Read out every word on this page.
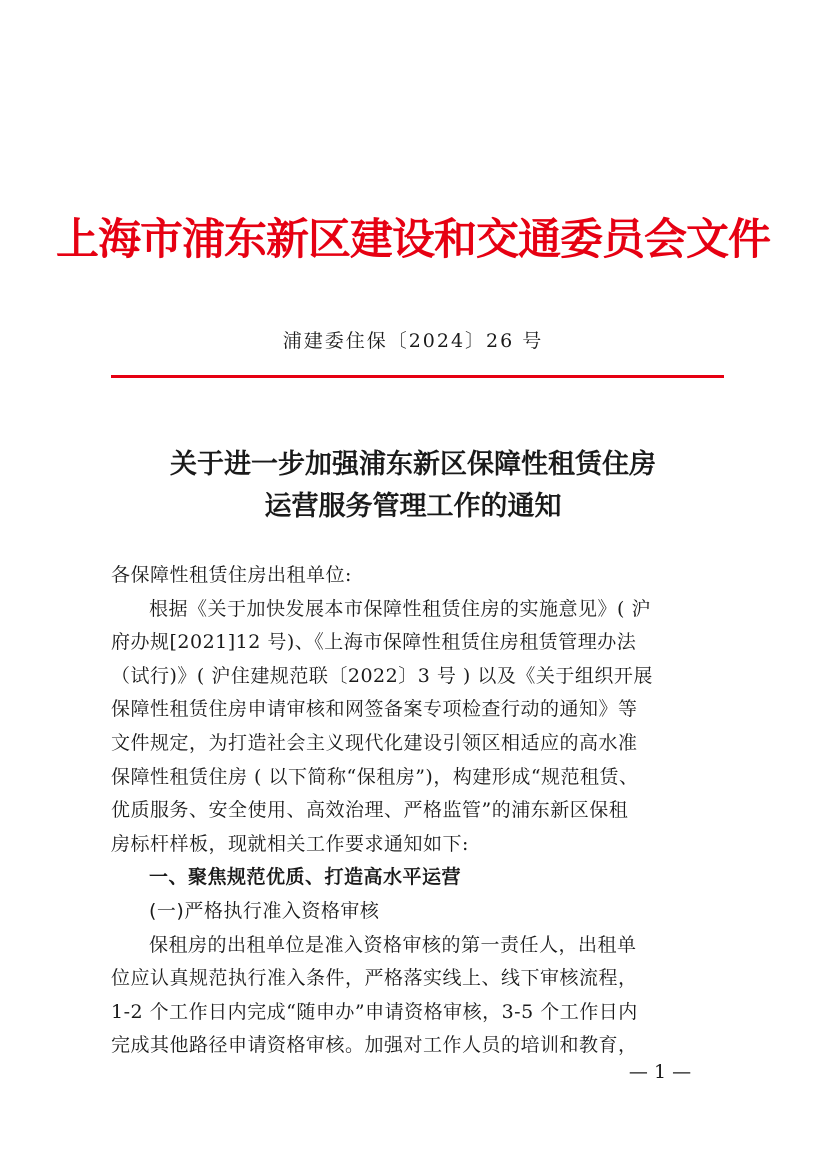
上海市浦东新区建设和交通委员会文件
浦建委住保〔2024〕26 号
关于进一步加强浦东新区保障性租赁住房
运营服务管理工作的通知

各保障性租赁住房出租单位:

根据《关于加快发展本市保障性租赁住房的实施意见》( 沪
府办规[2021]12 号)、《上海市保障性租赁住房租赁管理办法
（试行)》( 沪住建规范联〔2022〕3 号 ) 以及《关于组织开展
保障性租赁住房申请审核和网签备案专项检查行动的通知》等
文件规定，为打造社会主义现代化建设引领区相适应的高水准
保障性租赁住房 ( 以下简称“保租房”)，构建形成“规范租赁、
优质服务、安全使用、高效治理、严格监管”的浦东新区保租
房标杆样板，现就相关工作要求通知如下:
一、聚焦规范优质、打造高水平运营
(一)严格执行准入资格审核
保租房的出租单位是准入资格审核的第一责任人，出租单
位应认真规范执行准入条件，严格落实线上、线下审核流程，
1-2 个工作日内完成“随申办”申请资格审核，3-5 个工作日内
完成其他路径申请资格审核。加强对工作人员的培训和教育，
— 1 —
